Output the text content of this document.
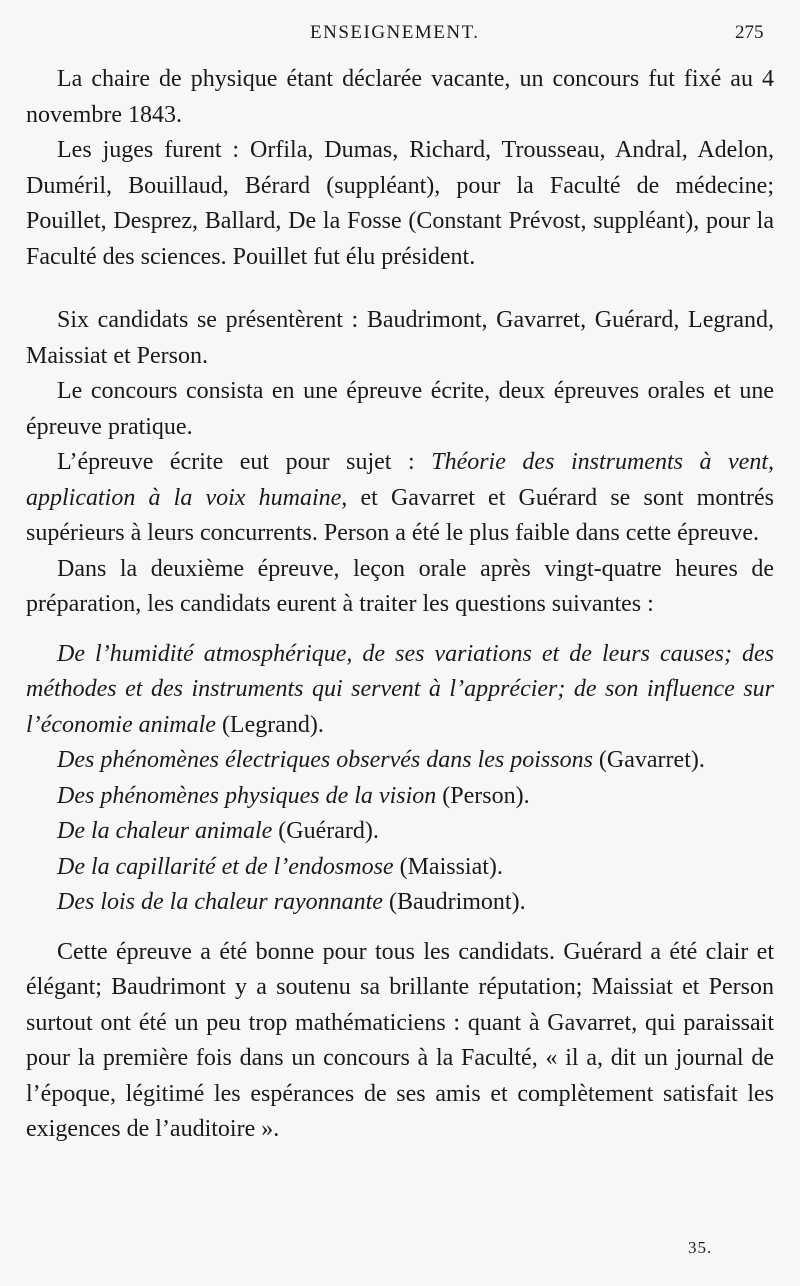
ENSEIGNEMENT.	275

La chaire de physique étant déclarée vacante, un concours fut fixé au 4 novembre 1843.

Les juges furent : Orfila, Dumas, Richard, Trousseau, Andral, Adelon, Duméril, Bouillaud, Bérard (suppléant), pour la Faculté de médecine; Pouillet, Desprez, Ballard, De la Fosse (Constant Prévost, suppléant), pour la Faculté des sciences. Pouillet fut élu président.

Six candidats se présentèrent : Baudrimont, Gavarret, Guérard, Legrand, Maissiat et Person.

Le concours consista en une épreuve écrite, deux épreuves orales et une épreuve pratique.

L’épreuve écrite eut pour sujet : Théorie des instruments à vent, application à la voix humaine, et Gavarret et Guérard se sont montrés supérieurs à leurs concurrents. Person a été le plus faible dans cette épreuve.

Dans la deuxième épreuve, leçon orale après vingt-quatre heures de préparation, les candidats eurent à traiter les questions suivantes :

De l’humidité atmosphérique, de ses variations et de leurs causes; des méthodes et des instruments qui servent à l’apprécier; de son influence sur l’économie animale (Legrand).

Des phénomènes électriques observés dans les poissons (Gavarret).

Des phénomènes physiques de la vision (Person).

De la chaleur animale (Guérard).

De la capillarité et de l’endosmose (Maissiat).

Des lois de la chaleur rayonnante (Baudrimont).

Cette épreuve a été bonne pour tous les candidats. Guérard a été clair et élégant; Baudrimont y a soutenu sa brillante réputation; Maissiat et Person surtout ont été un peu trop mathématiciens : quant à Gavarret, qui paraissait pour la première fois dans un concours à la Faculté, « il a, dit un journal de l’époque, légitimé les espérances de ses amis et complètement satisfait les exigences de l’auditoire ».

35.
